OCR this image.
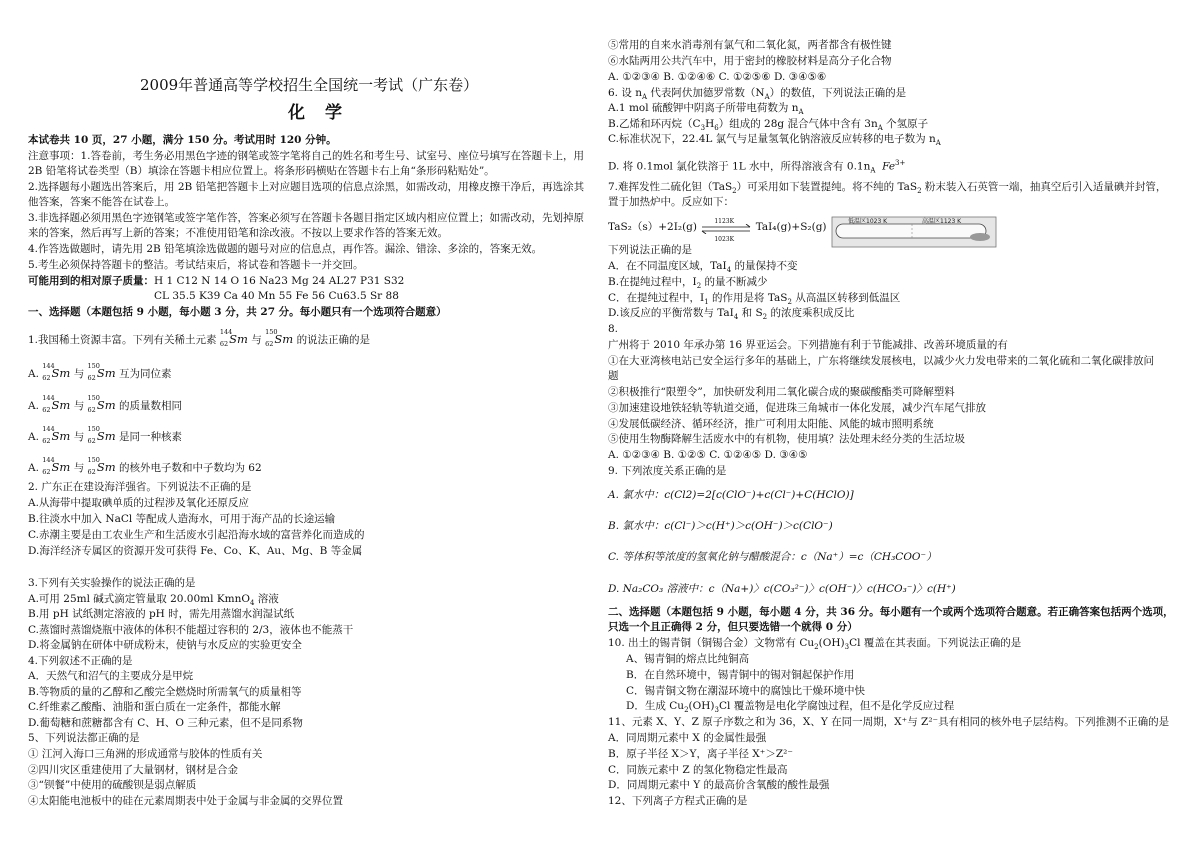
2009年普通高等学校招生全国统一考试（广东卷）
化学
本试卷共 10 页，27 小题，满分 150 分。考试用时 120 分钟。
注意事项：1.答卷前，考生务必用黑色字迹的钢笔或签字笔将自己的姓名和考生号、试室号、座位号填写在答题卡上，用
2B 铅笔将试卷类型（B）填涂在答题卡相应位置上。将条形码横贴在答题卡右上角“条形码粘贴处”。
2.选择题每小题选出答案后，用 2B 铅笔把答题卡上对应题目选项的信息点涂黑，如需改动，用橡皮擦干净后，再选涂其
他答案，答案不能答在试卷上。
3.非选择题必须用黑色字迹钢笔或签字笔作答，答案必须写在答题卡各题目指定区域内相应位置上；如需改动，先划掉原
来的答案，然后再写上新的答案；不准使用铅笔和涂改液。不按以上要求作答的答案无效。
4.作答选做题时，请先用 2B 铅笔填涂选做题的题号对应的信息点，再作答。漏涂、错涂、多涂的，答案无效。
5.考生必须保持答题卡的整洁。考试结束后，将试卷和答题卡一并交回。
可能用到的相对原子质量：H 1 C12 N 14 O 16 Na23 Mg 24 AL27 P31 S32
CL 35.5 K39 Ca 40 Mn 55 Fe 56 Cu63.5 Sr 88
一、选择题（本题包括 9 小题，每小题 3 分，共 27 分。每小题只有一个选项符合题意）
1.我国稀土资源丰富。下列有关稀土元素
144
$_{62}$Sm 与
150
$_{62}$Sm 的说法正确的是
A.
144
$_{62}$Sm 与
150
$_{62}$Sm 互为同位素
A.
144
$_{62}$Sm 与
150
$_{62}$Sm 的质量数相同
A.
144
$_{62}$Sm 与
150
$_{62}$Sm 是同一种核素
A.
144
$_{62}$Sm 与
150
$_{62}$Sm 的核外电子数和中子数均为 62
2. 广东正在建设海洋强省。下列说法不正确的是
A.从海带中提取碘单质的过程涉及氧化还原反应
B.往淡水中加入 NaCl 等配成人造海水，可用于海产品的长途运输
C.赤潮主要是由工农业生产和生活废水引起沿海水域的富营养化而造成的
D.海洋经济专属区的资源开发可获得 Fe、Co、K、Au、Mg、B 等金属
3.下列有关实验操作的说法正确的是
A.可用 25ml 碱式滴定管量取 20.00ml KmnO$_4$ 溶液
B.用 pH 试纸测定溶液的 pH 时，需先用蒸馏水润湿试纸
C.蒸馏时蒸馏烧瓶中液体的体积不能超过容积的 2/3，液体也不能蒸干
D.将金属钠在研体中研成粉末，使钠与水反应的实验更安全
4.下列叙述不正确的是
A．天然气和沼气的主要成分是甲烷
B.等物质的量的乙醇和乙酸完全燃烧时所需氧气的质量相等
C.纤维素乙酸酯、油脂和蛋白质在一定条件，都能水解
D.葡萄糖和蔗糖都含有 C、H、O 三种元素，但不是同系物
5、下列说法都正确的是
① 江河入海口三角洲的形成通常与胶体的性质有关
②四川灾区重建使用了大量钢材，钢材是合金
③“钡餐”中使用的硫酸钡是弱点解质
④太阳能电池板中的硅在元素周期表中处于金属与非金属的交界位置
⑤常用的自来水消毒剂有氯气和二氧化氮，两者都含有极性键
⑥水陆两用公共汽车中，用于密封的橡胶材料是高分子化合物
A. ①②③④ B. ①②④⑥ C. ①②⑤⑥ D. ③④⑤⑥
6. 设 $n_A$ 代表阿伏加德罗常数$(N_A)$的数值，下列说法正确的是
A.1 mol 硫酸钾中阴离子所带电荷数为 $n_A$
B.乙烯和环丙烷$(C_3H_6)$组成的 28g 混合气体中含有 $3n_A$ 个氢原子
C.标准状况下，22.4L 氯气与足量氢氧化钠溶液反应转移的电子数为 $n_A$
D. 将 0.1mol 氯化铁溶于 1L 水中，所得溶液含有 $0.1n_A$ $Fe^{3+}$
7.难挥发性二硫化钽（TaS$_2$）可采用如下装置提纯。将不纯的 TaS$_2$ 粉末装入石英管一端，抽真空后引入适量碘并封管，
置于加热炉中。反应如下：
TaS₂（s）+2I₂(g)	1123K
1023K
TaI₄(g)+S₂(g)	低温区1023 K	高温区1123 K
下列说法正确的是
A．在不同温度区域，TaI$_4$ 的量保持不变
B.在提纯过程中，$I_2$ 的量不断减少
C．在提纯过程中，$I_1$ 的作用是将 TaS$_2$ 从高温区转移到低温区
D.该反应的平衡常数与 TaI$_4$ 和 $S_2$ 的浓度乘积成反比
8.
广州将于 2010 年承办第 16 界亚运会。下列措施有利于节能减排、改善环境质量的有
①在大亚湾核电站已安全运行多年的基础上，广东将继续发展核电，以减少火力发电带来的二氧化硫和二氧化碳排放问
题
②积极推行“限塑令”，加快研发利用二氧化碳合成的聚碳酸酯类可降解塑料
③加速建设地铁轻轨等轨道交通，促进珠三角城市一体化发展，减少汽车尾气排放
④发展低碳经济、循环经济，推广可利用太阳能、风能的城市照明系统
⑤使用生物酶降解生活废水中的有机物，使用填？法处理未经分类的生活垃圾
A. ①②③④ B. ①②⑤ C. ①②④⑤ D. ③④⑤
9. 下列浓度关系正确的是
A. 氯水中：c(Cl2)=2[c(ClO⁻)+c(Cl⁻)+C(HClO)]
B. 氯水中：c(Cl⁻)＞c(H⁺)＞c(OH⁻)＞c(ClO⁻)
C. 等体积等浓度的氢氧化钠与醋酸混合：c（Na⁺）=c（CH₃COO⁻）
D. Na₂CO₃ 溶液中：c（Na+)〉c(CO₃²⁻)〉c(OH⁻)〉c(HCO₃⁻)〉c(H⁺)
二、选择题（本题包括 9 小题，每小题 4 分，共 36 分。每小题有一个或两个选项符合题意。若正确答案包括两个选项，
只选一个且正确得 2 分，但只要选错一个就得 0 分）
10. 出土的锡青铜（铜锡合金）文物常有 $Cu_2(OH)_3Cl$ 覆盖在其表面。下列说法正确的是
A、锡青铜的熔点比纯铜高
B．在自然环境中，锡青铜中的锡对铜起保护作用
C．锡青铜文物在潮湿环境中的腐蚀比干燥环境中快
D．生成 $Cu_2(OH)_3Cl$ 覆盖物是电化学腐蚀过程，但不是化学反应过程
11、元素 X、Y、Z 原子序数之和为 36，X、Y 在同一周期，X⁺与 Z²⁻具有相同的核外电子层结构。下列推测不正确的是
A．同周期元素中 X 的金属性最强
B．原子半径 X＞Y，离子半径 X⁺＞Z²⁻
C．同族元素中 Z 的氢化物稳定性最高
D．同周期元素中 Y 的最高价含氧酸的酸性最强
12、下列离子方程式正确的是
